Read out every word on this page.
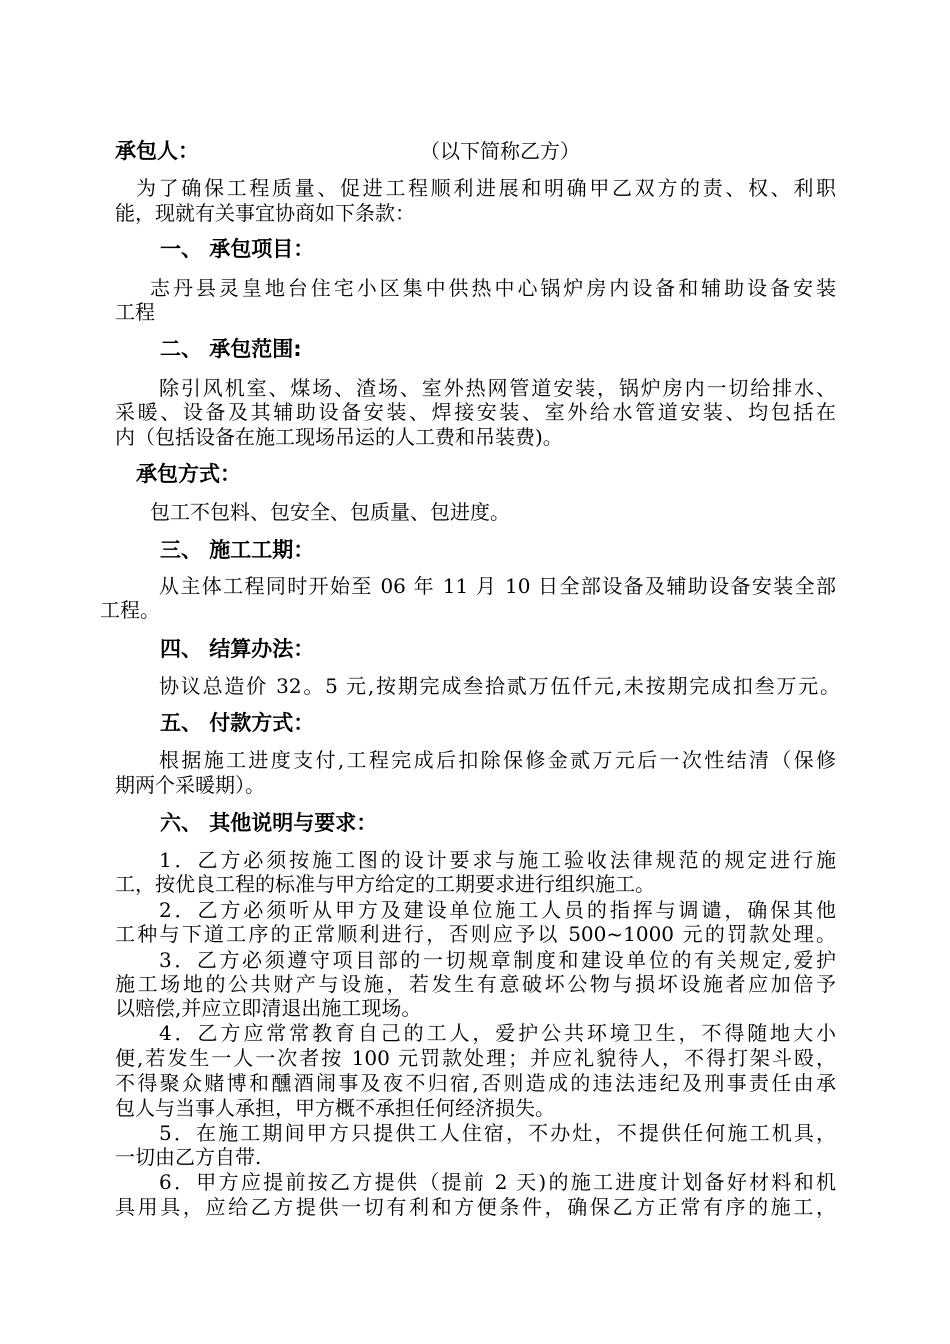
承包人：	（以下简称乙方）
为了确保工程质量、促进工程顺利进展和明确甲乙双方的责、权、利职
能，现就有关事宜协商如下条款：
一、 承包项目：
志丹县灵皇地台住宅小区集中供热中心锅炉房内设备和辅助设备安装
工程
二、 承包范围:
除引风机室、煤场、渣场、室外热网管道安装，锅炉房内一切给排水、
采暖、设备及其辅助设备安装、焊接安装、室外给水管道安装、均包括在
内（包括设备在施工现场吊运的人工费和吊装费)。
承包方式：
包工不包料、包安全、包质量、包进度。
三、 施工工期：
从主体工程同时开始至 06 年 11 月 10 日全部设备及辅助设备安装全部
工程。
四、 结算办法：
协议总造价 32。5 元,按期完成叁拾贰万伍仟元,未按期完成扣叁万元。
五、 付款方式：
根据施工进度支付,工程完成后扣除保修金贰万元后一次性结清（保修
期两个采暖期）。
六、 其他说明与要求：
1．乙方必须按施工图的设计要求与施工验收法律规范的规定进行施
工，按优良工程的标准与甲方给定的工期要求进行组织施工。
2．乙方必须听从甲方及建设单位施工人员的指挥与调谴，确保其他
工种与下道工序的正常顺利进行，否则应予以 500~1000 元的罚款处理。
3．乙方必须遵守项目部的一切规章制度和建设单位的有关规定,爱护
施工场地的公共财产与设施，若发生有意破坏公物与损坏设施者应加倍予
以赔偿,并应立即清退出施工现场。
4．乙方应常常教育自己的工人，爱护公共环境卫生，不得随地大小
便,若发生一人一次者按 100 元罚款处理；并应礼貌待人，不得打架斗殴，
不得聚众赌博和醺酒闹事及夜不归宿,否则造成的违法违纪及刑事责任由承
包人与当事人承担，甲方概不承担任何经济损失。
5．在施工期间甲方只提供工人住宿，不办灶，不提供任何施工机具，
一切由乙方自带.
6．甲方应提前按乙方提供（提前 2 天)的施工进度计划备好材料和机
具用具，应给乙方提供一切有利和方便条件，确保乙方正常有序的施工，
